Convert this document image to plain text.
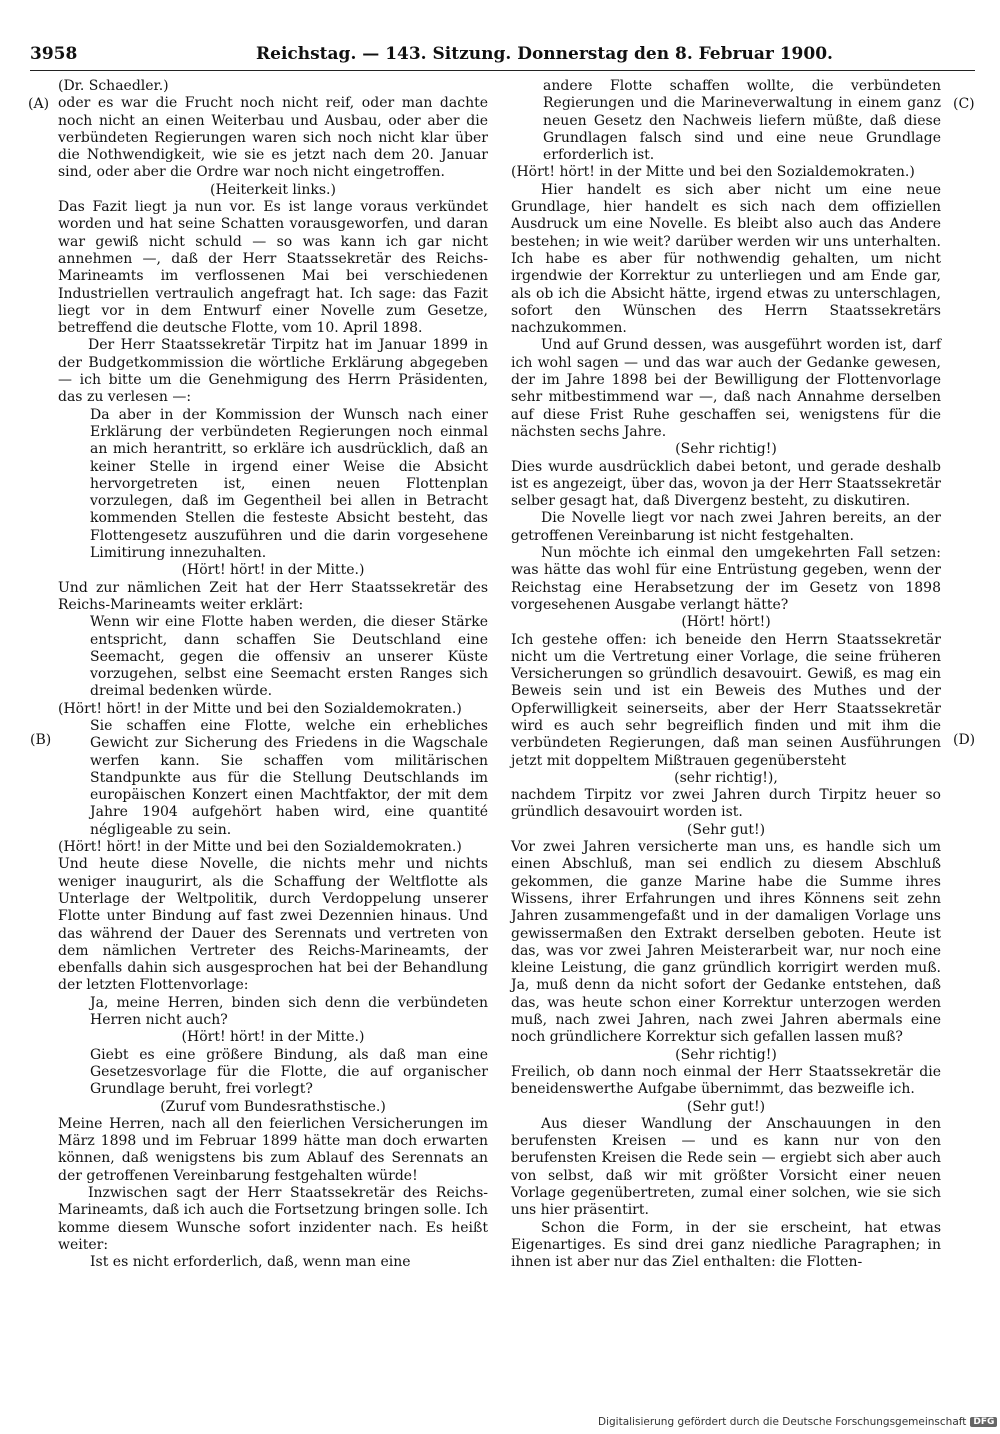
3958	Reichstag. — 143. Sitzung. Donnerstag den 8. Februar 1900.
(A)
(B)
(C)
(D)

(Dr. Schaedler.)

oder es war die Frucht noch nicht reif, oder man dachte noch nicht an einen Weiterbau und Ausbau, oder aber die verbündeten Regierungen waren sich noch nicht klar über die Nothwendigkeit, wie sie es jetzt nach dem 20. Januar sind, oder aber die Ordre war noch nicht eingetroffen.

(Heiterkeit links.)

Das Fazit liegt ja nun vor. Es ist lange voraus verkündet worden und hat seine Schatten vorausgeworfen, und daran war gewiß nicht schuld — so was kann ich gar nicht annehmen —, daß der Herr Staatssekretär des Reichs-Marineamts im verflossenen Mai bei verschiedenen Industriellen vertraulich angefragt hat. Ich sage: das Fazit liegt vor in dem Entwurf einer Novelle zum Gesetze, betreffend die deutsche Flotte, vom 10. April 1898.

Der Herr Staatssekretär Tirpitz hat im Januar 1899 in der Budgetkommission die wörtliche Erklärung abgegeben — ich bitte um die Genehmigung des Herrn Präsidenten, das zu verlesen —:

Da aber in der Kommission der Wunsch nach einer Erklärung der verbündeten Regierungen noch einmal an mich herantritt, so erkläre ich ausdrücklich, daß an keiner Stelle in irgend einer Weise die Absicht hervorgetreten ist, einen neuen Flottenplan vorzulegen, daß im Gegentheil bei allen in Betracht kommenden Stellen die festeste Absicht besteht, das Flottengesetz auszuführen und die darin vorgesehene Limitirung innezuhalten.

(Hört! hört! in der Mitte.)

Und zur nämlichen Zeit hat der Herr Staatssekretär des Reichs-Marineamts weiter erklärt:

Wenn wir eine Flotte haben werden, die dieser Stärke entspricht, dann schaffen Sie Deutschland eine Seemacht, gegen die offensiv an unserer Küste vorzugehen, selbst eine Seemacht ersten Ranges sich dreimal bedenken würde.

(Hört! hört! in der Mitte und bei den Sozialdemokraten.)

Sie schaffen eine Flotte, welche ein erhebliches Gewicht zur Sicherung des Friedens in die Wagschale werfen kann. Sie schaffen vom militärischen Standpunkte aus für die Stellung Deutschlands im europäischen Konzert einen Machtfaktor, der mit dem Jahre 1904 aufgehört haben wird, eine quantité négligeable zu sein.

(Hört! hört! in der Mitte und bei den Sozialdemokraten.)

Und heute diese Novelle, die nichts mehr und nichts weniger inaugurirt, als die Schaffung der Weltflotte als Unterlage der Weltpolitik, durch Verdoppelung unserer Flotte unter Bindung auf fast zwei Dezennien hinaus. Und das während der Dauer des Serennats und vertreten von dem nämlichen Vertreter des Reichs-Marineamts, der ebenfalls dahin sich ausgesprochen hat bei der Behandlung der letzten Flottenvorlage:

Ja, meine Herren, binden sich denn die verbündeten Herren nicht auch?

(Hört! hört! in der Mitte.)

Giebt es eine größere Bindung, als daß man eine Gesetzesvorlage für die Flotte, die auf organischer Grundlage beruht, frei vorlegt?

(Zuruf vom Bundesrathstische.)

Meine Herren, nach all den feierlichen Versicherungen im März 1898 und im Februar 1899 hätte man doch erwarten können, daß wenigstens bis zum Ablauf des Serennats an der getroffenen Vereinbarung festgehalten würde!

Inzwischen sagt der Herr Staatssekretär des Reichs-Marineamts, daß ich auch die Fortsetzung bringen solle. Ich komme diesem Wunsche sofort inzidenter nach. Es heißt weiter:

Ist es nicht erforderlich, daß, wenn man eine

andere Flotte schaffen wollte, die verbündeten Regierungen und die Marineverwaltung in einem ganz neuen Gesetz den Nachweis liefern müßte, daß diese Grundlagen falsch sind und eine neue Grundlage erforderlich ist.

(Hört! hört! in der Mitte und bei den Sozialdemokraten.)

Hier handelt es sich aber nicht um eine neue Grundlage, hier handelt es sich nach dem offiziellen Ausdruck um eine Novelle. Es bleibt also auch das Andere bestehen; in wie weit? darüber werden wir uns unterhalten. Ich habe es aber für nothwendig gehalten, um nicht irgendwie der Korrektur zu unterliegen und am Ende gar, als ob ich die Absicht hätte, irgend etwas zu unterschlagen, sofort den Wünschen des Herrn Staatssekretärs nachzukommen.

Und auf Grund dessen, was ausgeführt worden ist, darf ich wohl sagen — und das war auch der Gedanke gewesen, der im Jahre 1898 bei der Bewilligung der Flottenvorlage sehr mitbestimmend war —, daß nach Annahme derselben auf diese Frist Ruhe geschaffen sei, wenigstens für die nächsten sechs Jahre.

(Sehr richtig!)

Dies wurde ausdrücklich dabei betont, und gerade deshalb ist es angezeigt, über das, wovon ja der Herr Staatssekretär selber gesagt hat, daß Divergenz besteht, zu diskutiren.

Die Novelle liegt vor nach zwei Jahren bereits, an der getroffenen Vereinbarung ist nicht festgehalten.

Nun möchte ich einmal den umgekehrten Fall setzen: was hätte das wohl für eine Entrüstung gegeben, wenn der Reichstag eine Herabsetzung der im Gesetz von 1898 vorgesehenen Ausgabe verlangt hätte?

(Hört! hört!)

Ich gestehe offen: ich beneide den Herrn Staatssekretär nicht um die Vertretung einer Vorlage, die seine früheren Versicherungen so gründlich desavouirt. Gewiß, es mag ein Beweis sein und ist ein Beweis des Muthes und der Opferwilligkeit seinerseits, aber der Herr Staatssekretär wird es auch sehr begreiflich finden und mit ihm die verbündeten Regierungen, daß man seinen Ausführungen jetzt mit doppeltem Mißtrauen gegenübersteht

(sehr richtig!),

nachdem Tirpitz vor zwei Jahren durch Tirpitz heuer so gründlich desavouirt worden ist.

(Sehr gut!)

Vor zwei Jahren versicherte man uns, es handle sich um einen Abschluß, man sei endlich zu diesem Abschluß gekommen, die ganze Marine habe die Summe ihres Wissens, ihrer Erfahrungen und ihres Könnens seit zehn Jahren zusammengefaßt und in der damaligen Vorlage uns gewissermaßen den Extrakt derselben geboten. Heute ist das, was vor zwei Jahren Meisterarbeit war, nur noch eine kleine Leistung, die ganz gründlich korrigirt werden muß. Ja, muß denn da nicht sofort der Gedanke entstehen, daß das, was heute schon einer Korrektur unterzogen werden muß, nach zwei Jahren, nach zwei Jahren abermals eine noch gründlichere Korrektur sich gefallen lassen muß?

(Sehr richtig!)

Freilich, ob dann noch einmal der Herr Staatssekretär die beneidenswerthe Aufgabe übernimmt, das bezweifle ich.

(Sehr gut!)

Aus dieser Wandlung der Anschauungen in den berufensten Kreisen — und es kann nur von den berufensten Kreisen die Rede sein — ergiebt sich aber auch von selbst, daß wir mit größter Vorsicht einer neuen Vorlage gegenübertreten, zumal einer solchen, wie sie sich uns hier präsentirt.

Schon die Form, in der sie erscheint, hat etwas Eigenartiges. Es sind drei ganz niedliche Paragraphen; in ihnen ist aber nur das Ziel enthalten: die Flotten-

Digitalisierung gefördert durch die Deutsche Forschungsgemeinschaft DFG
